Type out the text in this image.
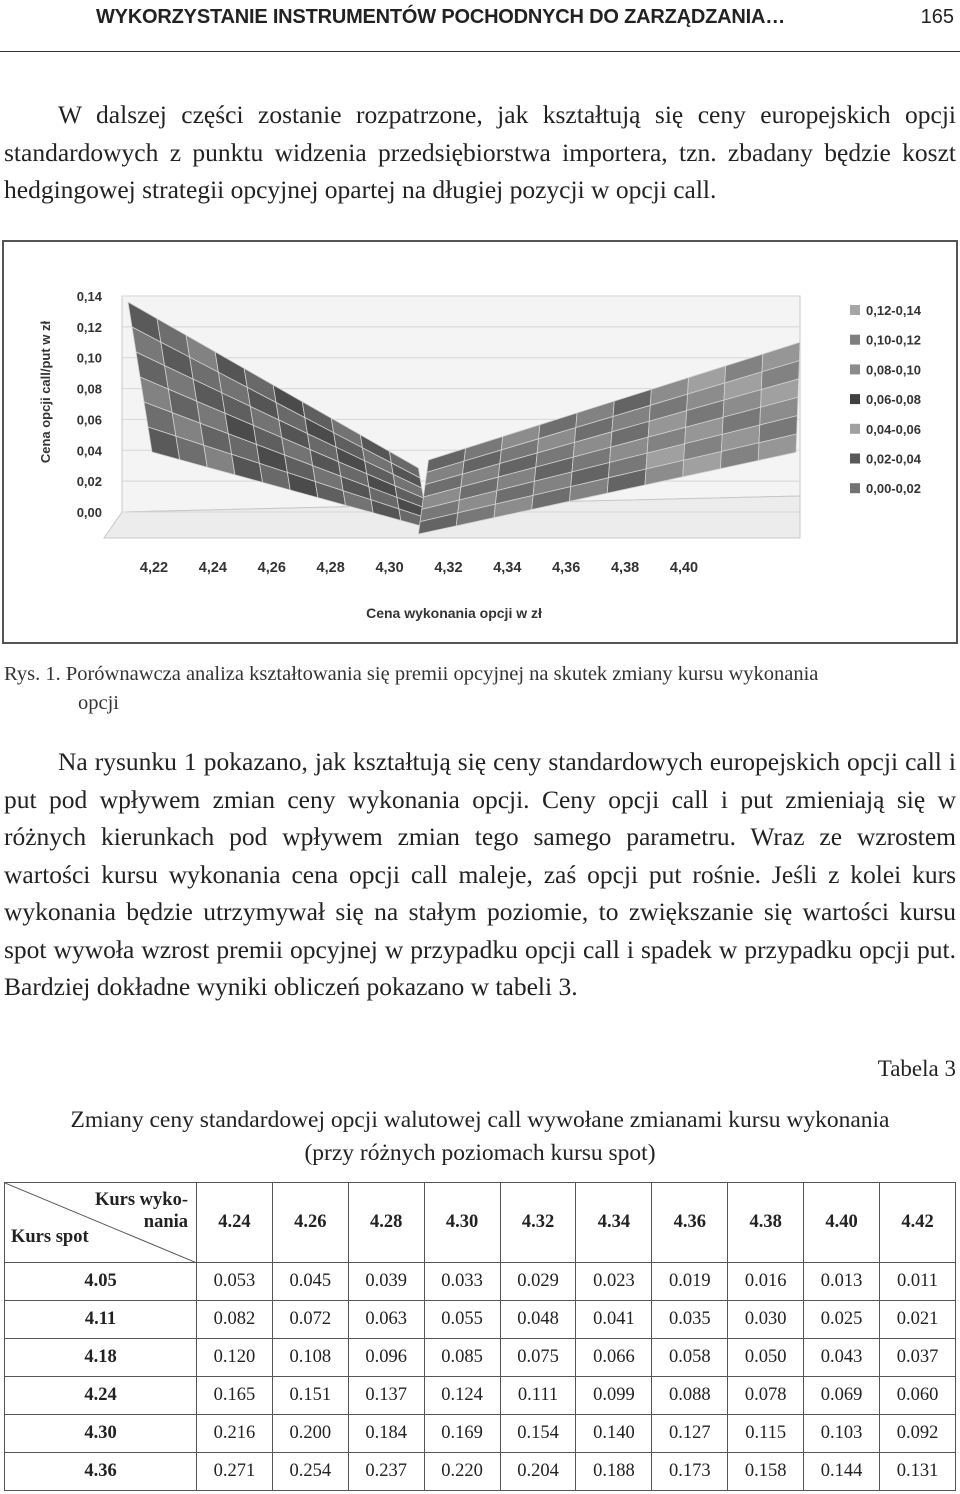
WYKORZYSTANIE INSTRUMENTÓW POCHODNYCH DO ZARZĄDZANIA…	165
W dalszej części zostanie rozpatrzone, jak kształtują się ceny europejskich opcji standardowych z punktu widzenia przedsiębiorstwa importera, tzn. zbadany będzie koszt hedgingowej strategii opcyjnej opartej na długiej pozycji w opcji call.
0,14
0,12
0,10
0,08
0,06
0,04
0,02
0,00
4,22 4,24 4,26 4,28 4,30 4,32 4,34 4,36 4,38 4,40
0,12-0,14
0,10-0,12
0,08-0,10
0,06-0,08
0,04-0,06
0,02-0,04
0,00-0,02
Cena opcji call/put w zł
Cena wykonania opcji w zł
Rys. 1. Porównawcza analiza kształtowania się premii opcyjnej na skutek zmiany kursu wykonania
opcji
Na rysunku 1 pokazano, jak kształtują się ceny standardowych europejskich opcji call i put pod wpływem zmian ceny wykonania opcji. Ceny opcji call i put zmieniają się w różnych kierunkach pod wpływem zmian tego samego parametru. Wraz ze wzrostem wartości kursu wykonania cena opcji call maleje, zaś opcji put rośnie. Jeśli z kolei kurs wykonania będzie utrzymywał się na stałym poziomie, to zwiększanie się wartości kursu spot wywoła wzrost premii opcyjnej w przypadku opcji call i spadek w przypadku opcji put. Bardziej dokładne wyniki obliczeń pokazano w tabeli 3.
Tabela 3
Zmiany ceny standardowej opcji walutowej call wywołane zmianami kursu wykonania
(przy różnych poziomach kursu spot)
Kurs wyko-
nania
Kurs spot	4.24	4.26	4.28	4.30	4.32	4.34	4.36	4.38	4.40	4.42
4.05	0.053	0.045	0.039	0.033	0.029	0.023	0.019	0.016	0.013	0.011
4.11	0.082	0.072	0.063	0.055	0.048	0.041	0.035	0.030	0.025	0.021
4.18	0.120	0.108	0.096	0.085	0.075	0.066	0.058	0.050	0.043	0.037
4.24	0.165	0.151	0.137	0.124	0.111	0.099	0.088	0.078	0.069	0.060
4.30	0.216	0.200	0.184	0.169	0.154	0.140	0.127	0.115	0.103	0.092
4.36	0.271	0.254	0.237	0.220	0.204	0.188	0.173	0.158	0.144	0.131
